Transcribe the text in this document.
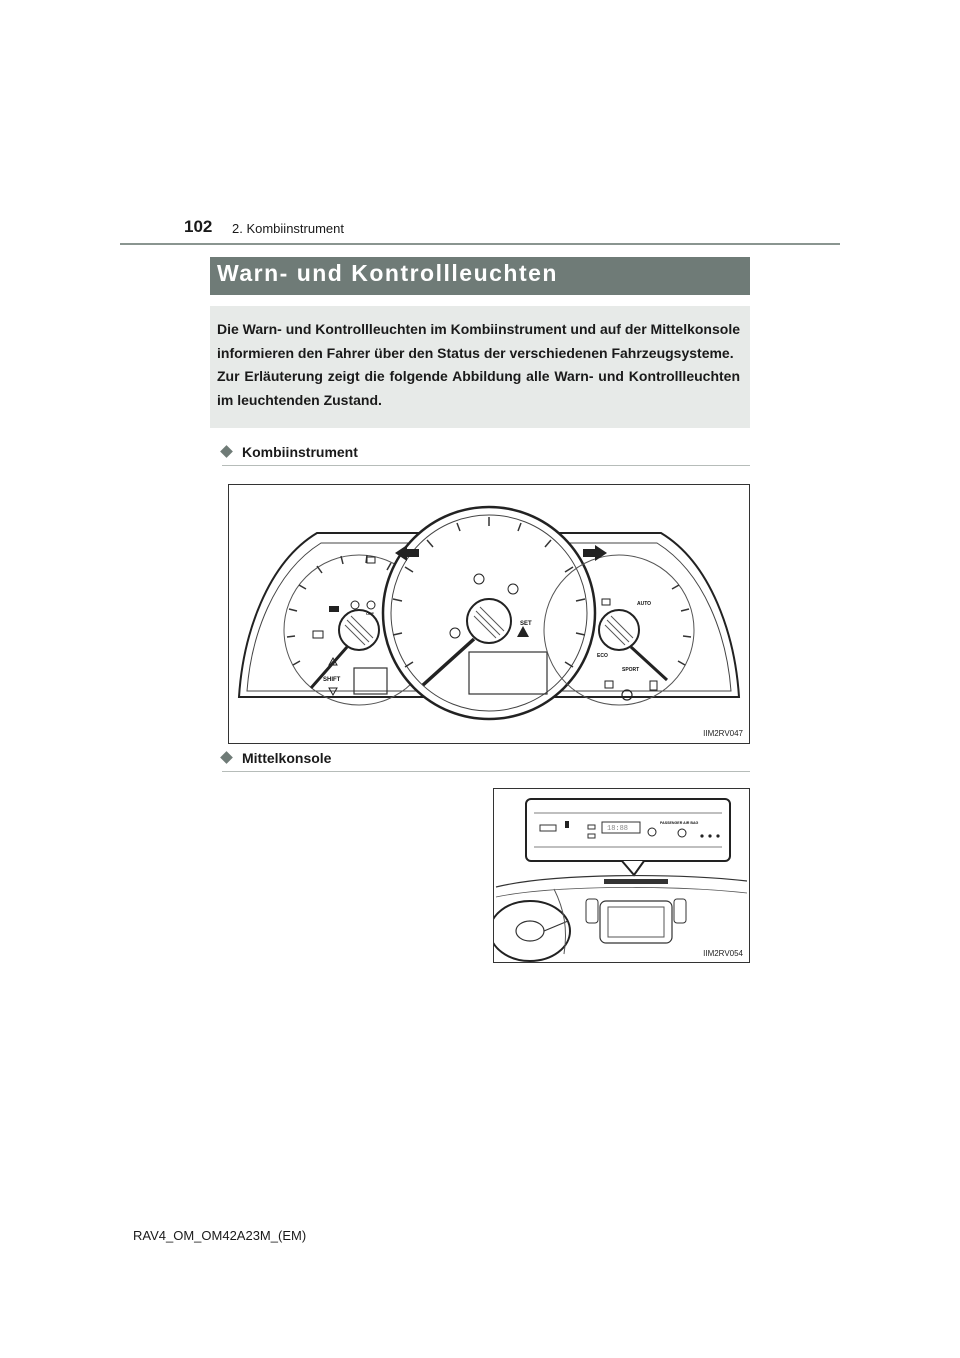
102 2. Kombiinstrument
Warn- und Kontrollleuchten

Die Warn- und Kontrollleuchten im Kombiinstrument und auf der Mittelkonsole informieren den Fahrer über den Status der verschiedenen Fahrzeugsysteme.

Zur Erläuterung zeigt die folgende Abbildung alle Warn- und Kontrollleuchten im leuchtenden Zustand.

Kombiinstrument
SET
SHIFT
SPORT
ECO
AUTO
OFF
IIM2RV047
Mittelkonsole
18:88
PASSENGER AIR BAG
IIM2RV054
RAV4_OM_OM42A23M_(EM)
